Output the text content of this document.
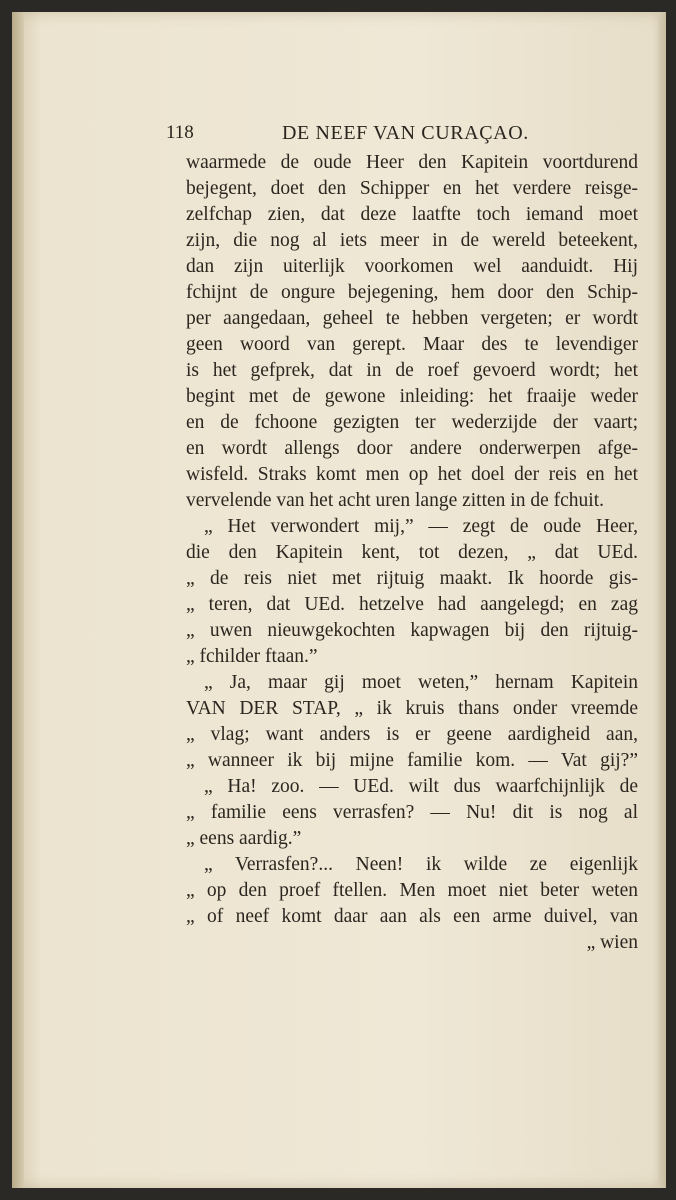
118	DE NEEF VAN CURAÇAO.
waarmede de oude Heer den Kapitein voortdurend
bejegent, doet den Schipper en het verdere reisge-
zelfchap zien, dat deze laatfte toch iemand moet
zijn, die nog al iets meer in de wereld beteekent,
dan zijn uiterlijk voorkomen wel aanduidt. Hij
fchijnt de ongure bejegening, hem door den Schip-
per aangedaan, geheel te hebben vergeten; er wordt
geen woord van gerept. Maar des te levendiger
is het gefprek, dat in de roef gevoerd wordt; het
begint met de gewone inleiding: het fraaije weder
en de fchoone gezigten ter wederzijde der vaart;
en wordt allengs door andere onderwerpen afge-
wisfeld. Straks komt men op het doel der reis en het
vervelende van het acht uren lange zitten in de fchuit.
„ Het verwondert mij,” — zegt de oude Heer,
die den Kapitein kent, tot dezen, „ dat UEd.
„ de reis niet met rijtuig maakt. Ik hoorde gis-
„ teren, dat UEd. hetzelve had aangelegd; en zag
„ uwen nieuwgekochten kapwagen bij den rijtuig-
„ fchilder ftaan.”
„ Ja, maar gij moet weten,” hernam Kapitein
VAN DER STAP, „ ik kruis thans onder vreemde
„ vlag; want anders is er geene aardigheid aan,
„ wanneer ik bij mijne familie kom. — Vat gij?”
„ Ha! zoo. — UEd. wilt dus waarfchijnlijk de
„ familie eens verrasfen? — Nu! dit is nog al
„ eens aardig.”
„ Verrasfen?... Neen! ik wilde ze eigenlijk
„ op den proef ftellen. Men moet niet beter weten
„ of neef komt daar aan als een arme duivel, van
„ wien
